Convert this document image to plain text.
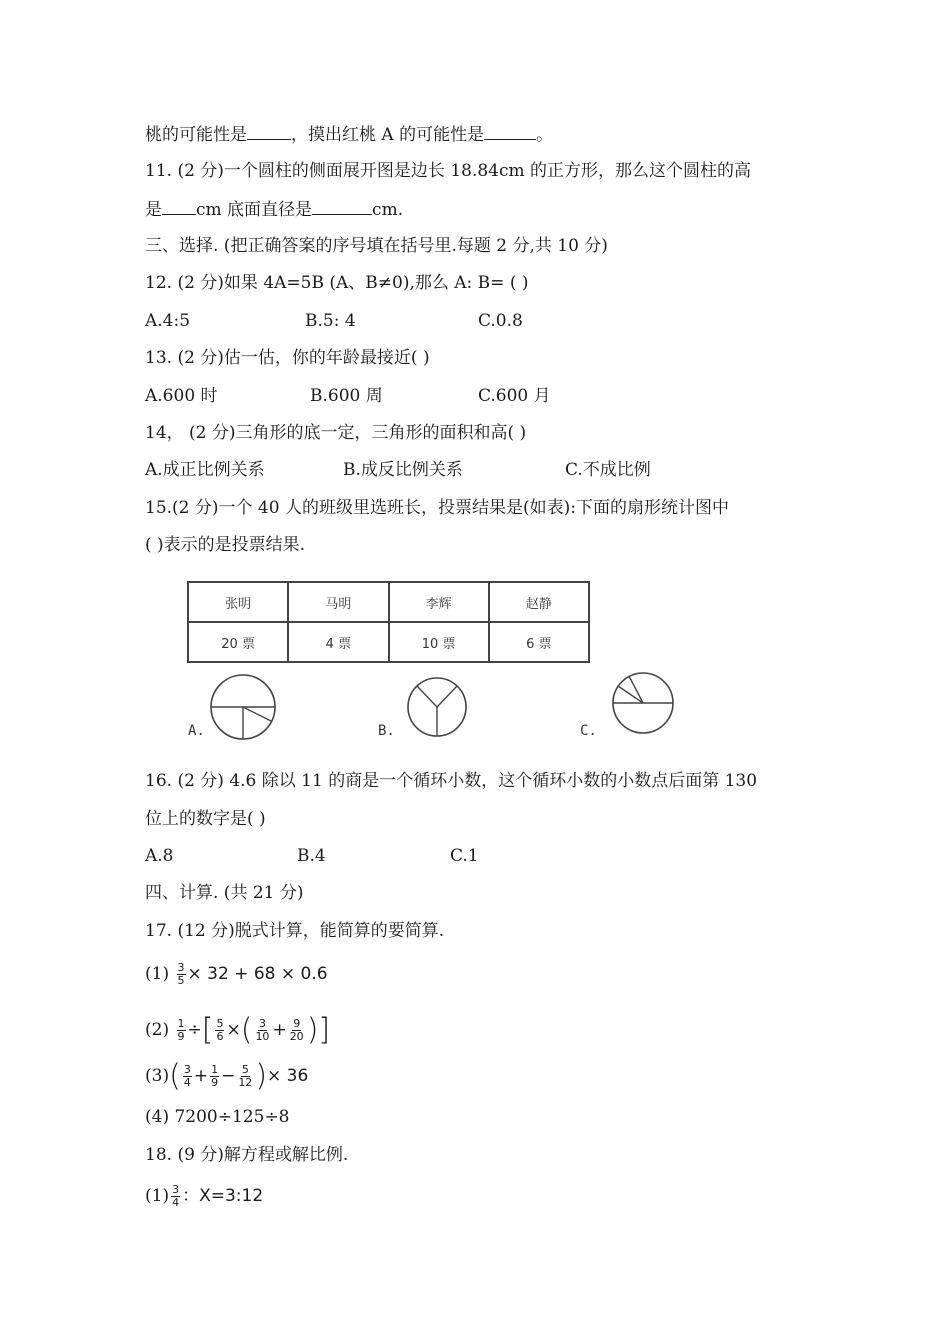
桃的可能性是	，摸出红桃 A 的可能性是	。
11. (2 分)一个圆柱的侧面展开图是边长 18.84cm 的正方形，那么这个圆柱的高
是 cm 底面直径是	cm.
三、选择. (把正确答案的序号填在括号里.每题 2 分,共 10 分)
12. (2 分)如果 4A=5B (A、B≠0),那么 A: B= ( )
A.4:5	B.5: 4	C.0.8
13. (2 分)估一估，你的年龄最接近( )
A.600 时	B.600 周	C.600 月
14， (2 分)三角形的底一定，三角形的面积和高( )
A.成正比例关系	B.成反比例关系	C.不成比例
15.(2 分)一个 40 人的班级里选班长，投票结果是(如表):下面的扇形统计图中
( )表示的是投票结果.
张明	马明	李辉	赵静
20 票	4 票	10 票	6 票
A.	B.	C.
16. (2 分) 4.6 除以 11 的商是一个循环小数，这个循环小数的小数点后面第 130
位上的数字是( )
A.8	B.4	C.1
四、计算. (共 21 分)
17. (12 分)脱式计算，能简算的要简算.
$(1) \frac{3}{5} \times 32 + 68 \times 0.6$
$(2) \frac{1}{9}$ ÷[ $\frac{5}{6}$ ×( $\frac{3}{10} + \frac{9}{20}$ )]
$(3)( \frac{3}{4} + \frac{1}{9} - \frac{5}{12}$ )× 36
(4) 7200÷125÷8
18. (9 分)解方程或解比例.
$(1) \frac{3}{4}$ ：X=3:12
